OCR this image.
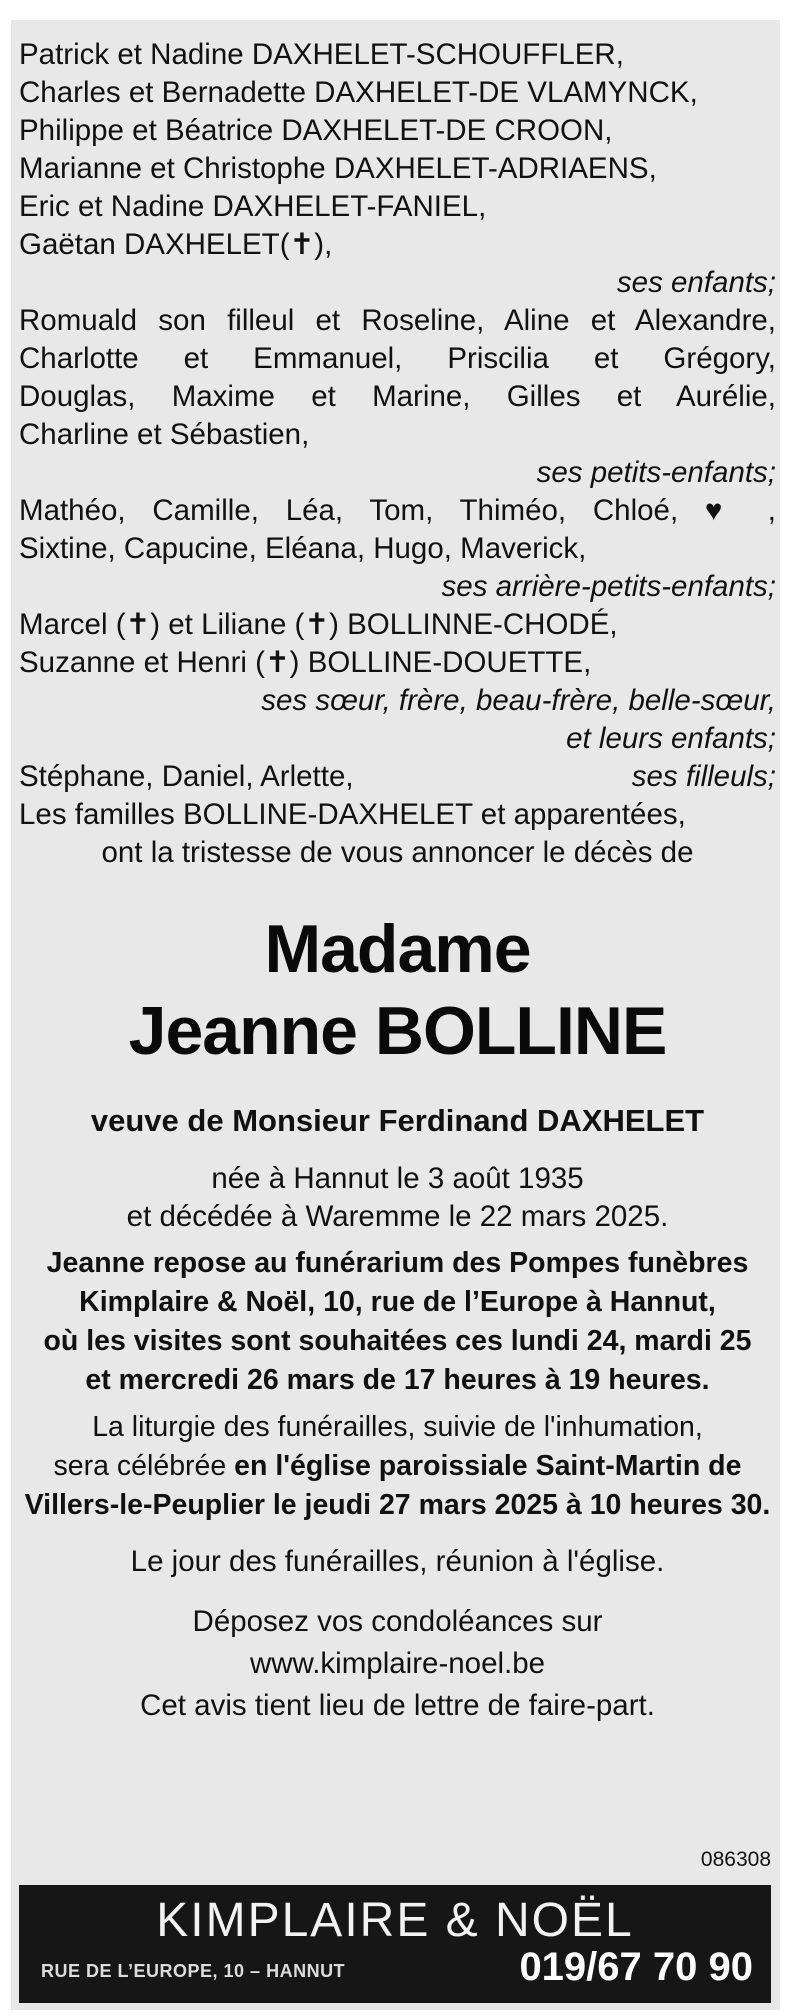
Patrick et Nadine DAXHELET-SCHOUFFLER,
Charles et Bernadette DAXHELET-DE VLAMYNCK,
Philippe et Béatrice DAXHELET-DE CROON,
Marianne et Christophe DAXHELET-ADRIAENS,
Eric et Nadine DAXHELET-FANIEL,
Gaëtan DAXHELET(✝),
ses enfants;
Romuald son filleul et Roseline, Aline et Alexandre,
Charlotte et Emmanuel, Priscilia et Grégory,
Douglas, Maxime et Marine, Gilles et Aurélie,
Charline et Sébastien,
ses petits-enfants;
Mathéo, Camille, Léa, Tom, Thiméo, Chloé, ♥ ,
Sixtine, Capucine, Eléana, Hugo, Maverick,
ses arrière-petits-enfants;
Marcel (✝) et Liliane (✝) BOLLINNE-CHODÉ,
Suzanne et Henri (✝) BOLLINE-DOUETTE,
ses sœur, frère, beau-frère, belle-sœur,
et leurs enfants;
Stéphane, Daniel, Arlette,	ses filleuls;
Les familles BOLLINE-DAXHELET et apparentées,
ont la tristesse de vous annoncer le décès de
Madame
Jeanne BOLLINE
veuve de Monsieur Ferdinand DAXHELET
née à Hannut le 3 août 1935
et décédée à Waremme le 22 mars 2025.
Jeanne repose au funérarium des Pompes funèbres
Kimplaire & Noël, 10, rue de l’Europe à Hannut,
où les visites sont souhaitées ces lundi 24, mardi 25
et mercredi 26 mars de 17 heures à 19 heures.
La liturgie des funérailles, suivie de l'inhumation,
sera célébrée en l'église paroissiale Saint-Martin de
Villers-le-Peuplier le jeudi 27 mars 2025 à 10 heures 30.
Le jour des funérailles, réunion à l'église.
Déposez vos condoléances sur
www.kimplaire-noel.be
Cet avis tient lieu de lettre de faire-part.
086308
KIMPLAIRE & NOËL
RUE DE L’EUROPE, 10 – HANNUT	019/67 70 90
